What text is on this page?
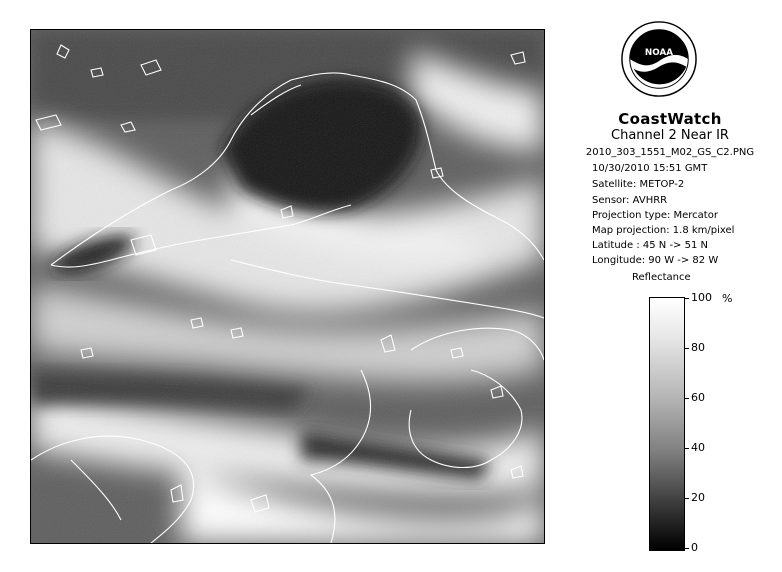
NOAA
CoastWatch
Channel 2 Near IR
2010_303_1551_M02_GS_C2.PNG
10/30/2010 15:51 GMT
Satellite: METOP-2
Sensor: AVHRR
Projection type: Mercator
Map projection: 1.8 km/pixel
Latitude : 45 N -> 51 N
Longitude: 90 W -> 82 W
Reflectance
%
100
80
60
40
20
0
